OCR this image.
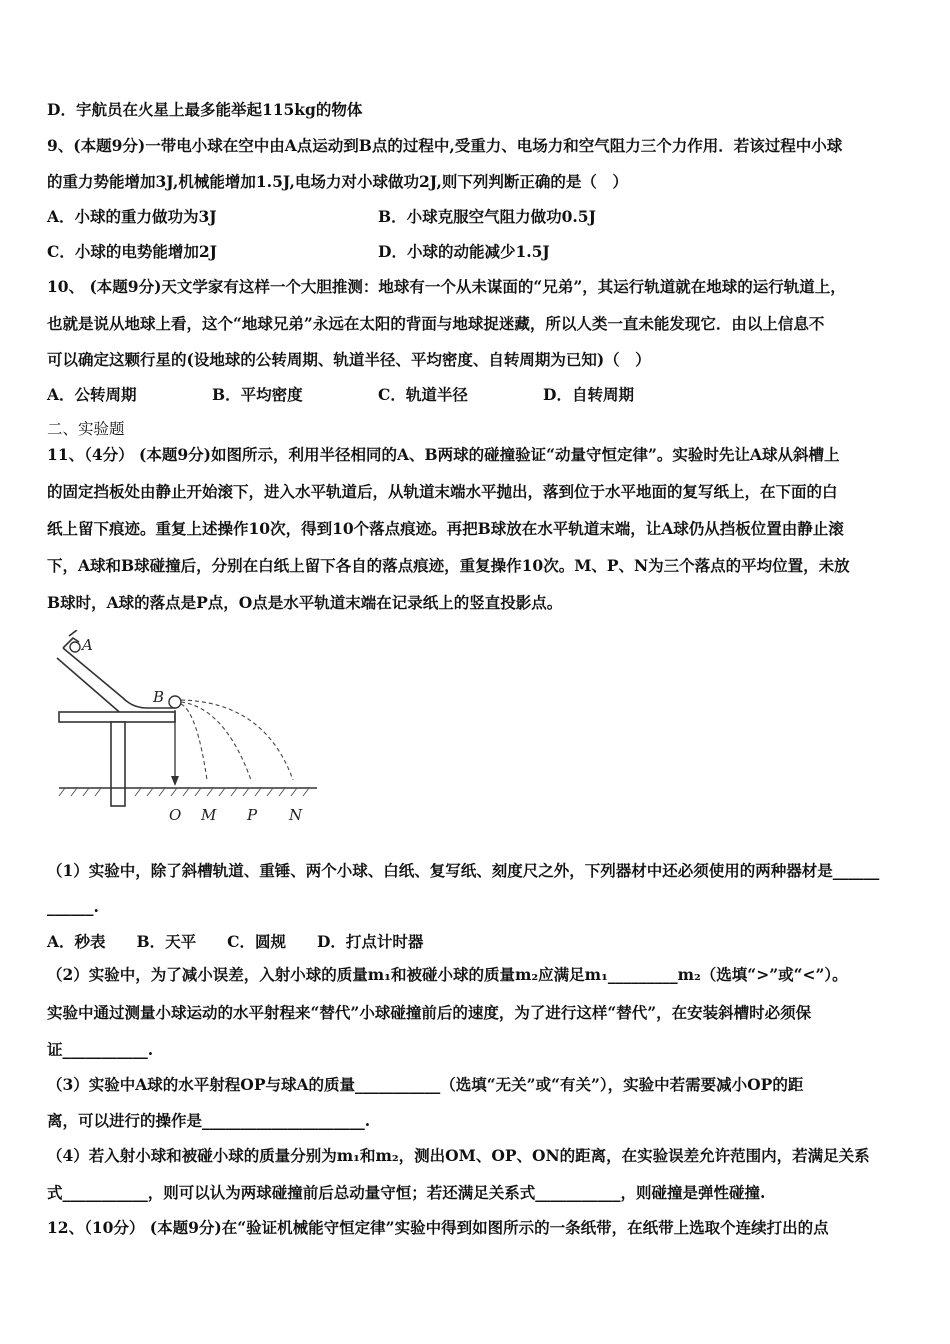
D．宇航员在火星上最多能举起115kg的物体
9、(本题9分)一带电小球在空中由A点运动到B点的过程中,受重力、电场力和空气阻力三个力作用．若该过程中小球
的重力势能增加3J,机械能增加1.5J,电场力对小球做功2J,则下列判断正确的是（　）
A．小球的重力做功为3J	B．小球克服空气阻力做功0.5J
C．小球的电势能增加2J	D．小球的动能减少1.5J
10、 (本题9分)天文学家有这样一个大胆推测：地球有一个从未谋面的“兄弟”，其运行轨道就在地球的运行轨道上，
也就是说从地球上看，这个“地球兄弟”永远在太阳的背面与地球捉迷藏，所以人类一直未能发现它．由以上信息不
可以确定这颗行星的(设地球的公转周期、轨道半径、平均密度、自转周期为已知)（　）
A．公转周期	B．平均密度	C．轨道半径	D．自转周期
二、实验题
11、（4分） (本题9分)如图所示，利用半径相同的A、B两球的碰撞验证“动量守恒定律”。实验时先让A球从斜槽上
的固定挡板处由静止开始滚下，进入水平轨道后，从轨道末端水平抛出，落到位于水平地面的复写纸上，在下面的白
纸上留下痕迹。重复上述操作10次，得到10个落点痕迹。再把B球放在水平轨道末端，让A球仍从挡板位置由静止滚
下，A球和B球碰撞后，分别在白纸上留下各自的落点痕迹，重复操作10次。M、P、N为三个落点的平均位置，未放
B球时，A球的落点是P点，O点是水平轨道末端在记录纸上的竖直投影点。
A
B
O M P N
（1）实验中，除了斜槽轨道、重锤、两个小球、白纸、复写纸、刻度尺之外，下列器材中还必须使用的两种器材是______
______.
A．秒表　　B．天平　　C．圆规　　D．打点计时器
（2）实验中，为了减小误差，入射小球的质量m₁和被碰小球的质量m₂应满足m₁_________m₂（选填“>”或“<”）。
实验中通过测量小球运动的水平射程来“替代”小球碰撞前后的速度，为了进行这样“替代”，在安装斜槽时必须保
证___________.
（3）实验中A球的水平射程OP与球A的质量___________（选填“无关”或“有关”），实验中若需要减小OP的距
离，可以进行的操作是_____________________.
（4）若入射小球和被碰小球的质量分别为m₁和m₂，测出OM、OP、ON的距离，在实验误差允许范围内，若满足关系
式___________，则可以认为两球碰撞前后总动量守恒；若还满足关系式___________，则碰撞是弹性碰撞.
12、（10分） (本题9分)在“验证机械能守恒定律”实验中得到如图所示的一条纸带，在纸带上选取个连续打出的点
